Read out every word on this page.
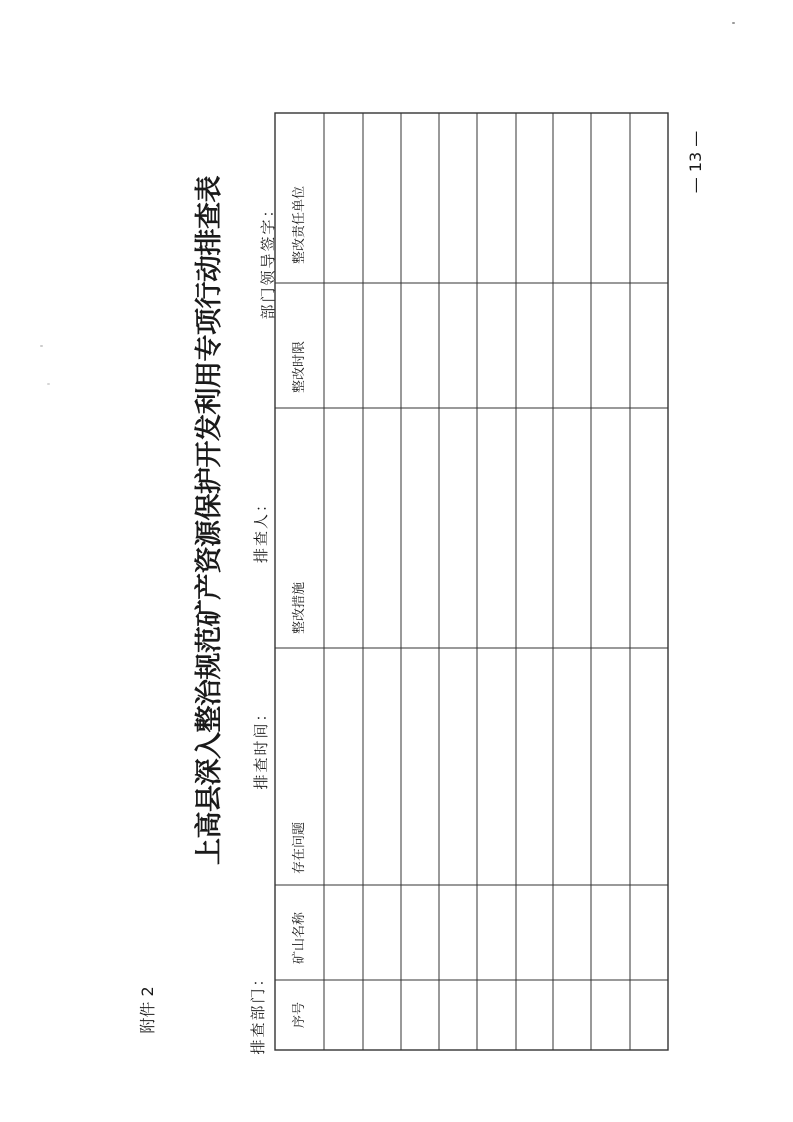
附件 2
上高县深入整治规范矿产资源保护开发利用专项行动排查表
排查部门：
排查时间：
排查人：
部门领导签字：
序号
矿山名称
存在问题
整改措施
整改时限
整改责任单位
— 13 —
